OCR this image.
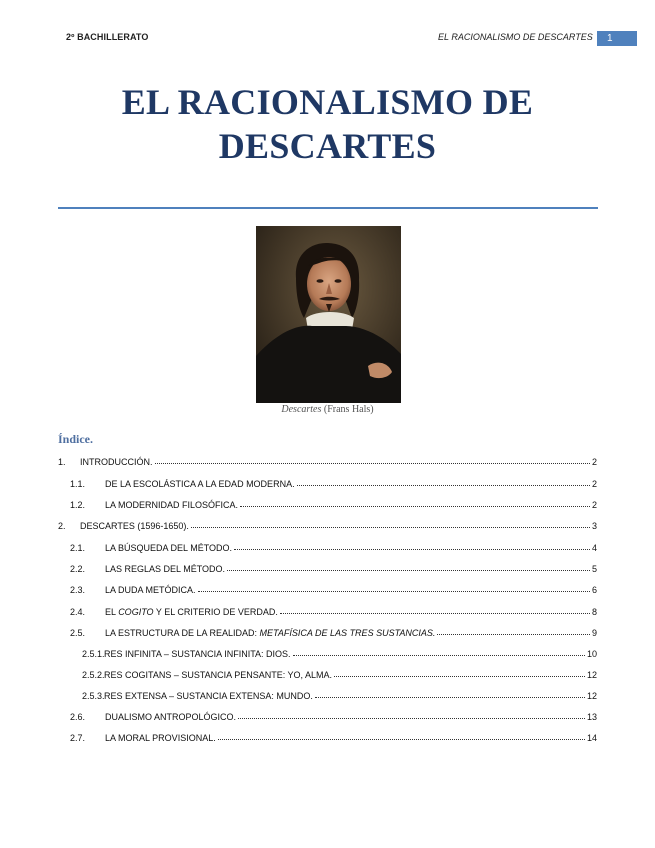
2º BACHILLERATO	EL RACIONALISMO DE DESCARTES	1
EL RACIONALISMO DE
DESCARTES
Descartes (Frans Hals)
Índice.
1.	INTRODUCCIÓN.	2
1.1.	DE LA ESCOLÁSTICA A LA EDAD MODERNA.	2
1.2.	LA MODERNIDAD FILOSÓFICA.	2
2.	DESCARTES (1596-1650).	3
2.1.	LA BÚSQUEDA DEL MÉTODO.	4
2.2.	LAS REGLAS DEL MÉTODO.	5
2.3.	LA DUDA METÓDICA.	6
2.4.	EL COGITO Y EL CRITERIO DE VERDAD.	8
2.5.	LA ESTRUCTURA DE LA REALIDAD: METAFÍSICA DE LAS TRES SUSTANCIAS.	9
2.5.1. RES INFINITA – SUSTANCIA INFINITA: DIOS.	10
2.5.2. RES COGITANS – SUSTANCIA PENSANTE: YO, ALMA.	12
2.5.3. RES EXTENSA – SUSTANCIA EXTENSA: MUNDO.	12
2.6.	DUALISMO ANTROPOLÓGICO.	13
2.7.	LA MORAL PROVISIONAL.	14
